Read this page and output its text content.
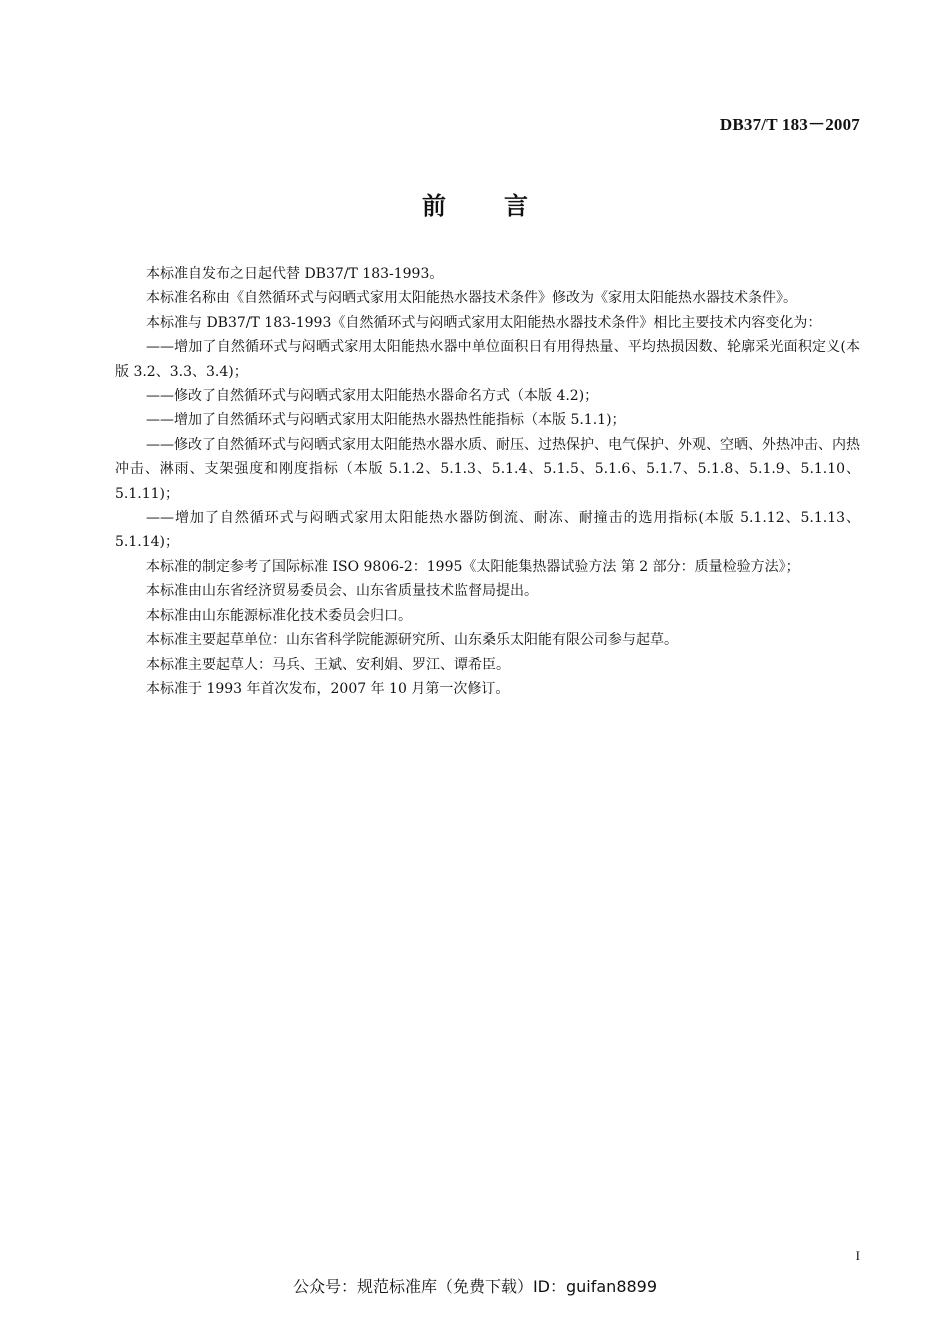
DB37/T 183－2007
前 言

本标准自发布之日起代替 DB37/T 183-1993。

本标准名称由《自然循环式与闷晒式家用太阳能热水器技术条件》修改为《家用太阳能热水器技术条件》。

本标准与 DB37/T 183-1993《自然循环式与闷晒式家用太阳能热水器技术条件》相比主要技术内容变化为：

——增加了自然循环式与闷晒式家用太阳能热水器中单位面积日有用得热量、平均热损因数、轮廓采光面积定义(本版 3.2、3.3、3.4)；

——修改了自然循环式与闷晒式家用太阳能热水器命名方式（本版 4.2)；

——增加了自然循环式与闷晒式家用太阳能热水器热性能指标（本版 5.1.1)；

——修改了自然循环式与闷晒式家用太阳能热水器水质、耐压、过热保护、电气保护、外观、空晒、外热冲击、内热冲击、淋雨、支架强度和刚度指标（本版 5.1.2、5.1.3、5.1.4、5.1.5、5.1.6、5.1.7、5.1.8、5.1.9、5.1.10、5.1.11)；

——增加了自然循环式与闷晒式家用太阳能热水器防倒流、耐冻、耐撞击的选用指标(本版 5.1.12、5.1.13、5.1.14)；

本标准的制定参考了国际标准 ISO 9806-2：1995《太阳能集热器试验方法 第 2 部分：质量检验方法》；

本标准由山东省经济贸易委员会、山东省质量技术监督局提出。

本标准由山东能源标准化技术委员会归口。

本标准主要起草单位：山东省科学院能源研究所、山东桑乐太阳能有限公司参与起草。

本标准主要起草人：马兵、王斌、安利娟、罗江、谭希臣。

本标准于 1993 年首次发布，2007 年 10 月第一次修订。

I
公众号：规范标准库（免费下载）ID：guifan8899
